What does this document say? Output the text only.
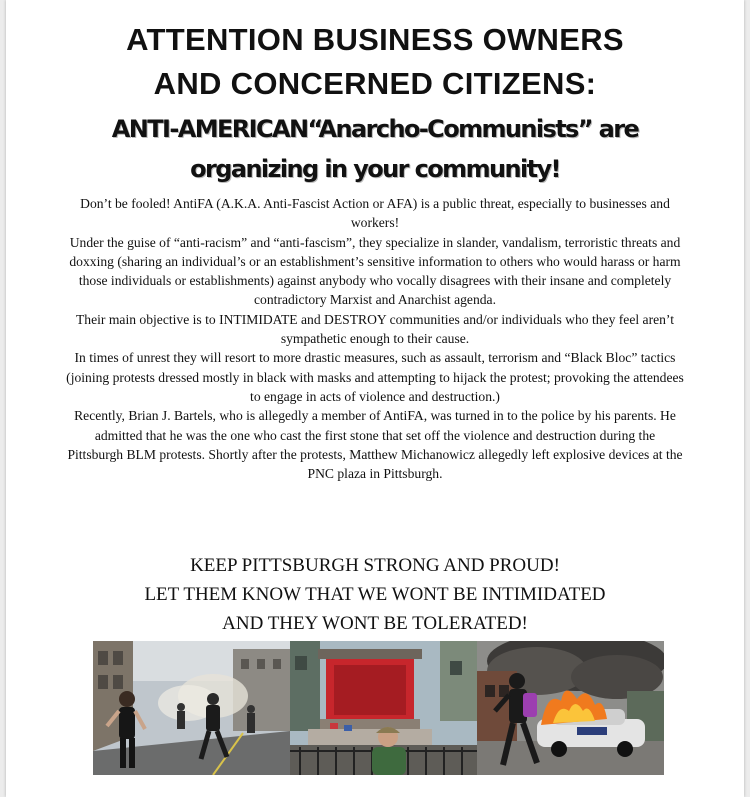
ATTENTION BUSINESS OWNERS
AND CONCERNED CITIZENS:
ANTI-AMERICAN“Anarcho-Communists” are
organizing in your community!

Don’t be fooled! AntiFA (A.K.A. Anti-Fascist Action or AFA) is a public threat, especially to businesses and workers!

Under the guise of “anti-racism” and “anti-fascism”, they specialize in slander, vandalism, terroristic threats and doxxing (sharing an individual’s or an establishment’s sensitive information to others who would harass or harm those individuals or establishments) against anybody who vocally disagrees with their insane and completely contradictory Marxist and Anarchist agenda.

Their main objective is to INTIMIDATE and DESTROY communities and/or individuals who they feel aren’t sympathetic enough to their cause.

In times of unrest they will resort to more drastic measures, such as assault, terrorism and “Black Bloc” tactics (joining protests dressed mostly in black with masks and attempting to hijack the protest; provoking the attendees to engage in acts of violence and destruction.)

Recently, Brian J. Bartels, who is allegedly a member of AntiFA, was turned in to the police by his parents. He admitted that he was the one who cast the first stone that set off the violence and destruction during the Pittsburgh BLM protests. Shortly after the protests, Matthew Michanowicz allegedly left explosive devices at the PNC plaza in Pittsburgh.

KEEP PITTSBURGH STRONG AND PROUD!
LET THEM KNOW THAT WE WONT BE INTIMIDATED
AND THEY WONT BE TOLERATED!
